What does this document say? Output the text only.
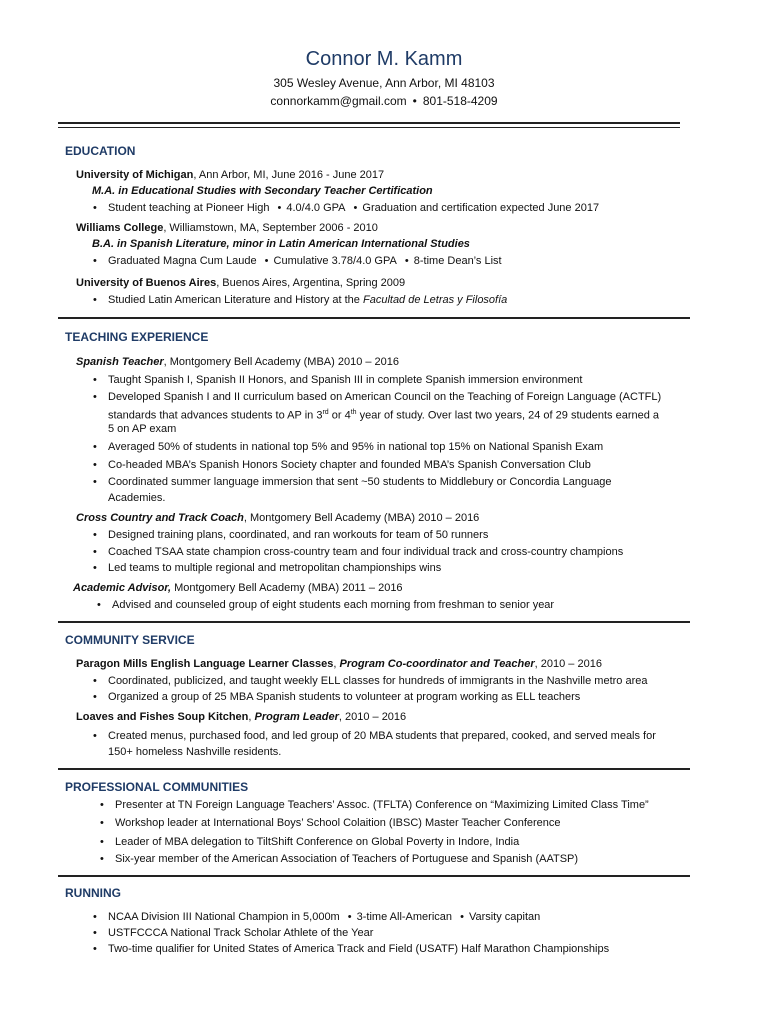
Connor M. Kamm
305 Wesley Avenue, Ann Arbor, MI 48103
connorkamm@gmail.com • 801-518-4209
EDUCATION
University of Michigan, Ann Arbor, MI, June 2016 - June 2017
M.A. in Educational Studies with Secondary Teacher Certification
• Student teaching at Pioneer High • 4.0/4.0 GPA • Graduation and certification expected June 2017
Williams College, Williamstown, MA, September 2006 - 2010
B.A. in Spanish Literature, minor in Latin American International Studies
• Graduated Magna Cum Laude • Cumulative 3.78/4.0 GPA • 8-time Dean’s List
University of Buenos Aires, Buenos Aires, Argentina, Spring 2009
• Studied Latin American Literature and History at the Facultad de Letras y Filosofía
TEACHING EXPERIENCE
Spanish Teacher, Montgomery Bell Academy (MBA) 2010 – 2016
• Taught Spanish I, Spanish II Honors, and Spanish III in complete Spanish immersion environment
• Developed Spanish I and II curriculum based on American Council on the Teaching of Foreign Language (ACTFL)
standards that advances students to AP in 3rd or 4th year of study. Over last two years, 24 of 29 students earned a
5 on AP exam
• Averaged 50% of students in national top 5% and 95% in national top 15% on National Spanish Exam
• Co-headed MBA’s Spanish Honors Society chapter and founded MBA’s Spanish Conversation Club
• Coordinated summer language immersion that sent ~50 students to Middlebury or Concordia Language
Academies.
Cross Country and Track Coach, Montgomery Bell Academy (MBA) 2010 – 2016
• Designed training plans, coordinated, and ran workouts for team of 50 runners
• Coached TSAA state champion cross-country team and four individual track and cross-country champions
• Led teams to multiple regional and metropolitan championships wins
Academic Advisor, Montgomery Bell Academy (MBA) 2011 – 2016
• Advised and counseled group of eight students each morning from freshman to senior year
COMMUNITY SERVICE
Paragon Mills English Language Learner Classes, Program Co-coordinator and Teacher, 2010 – 2016
• Coordinated, publicized, and taught weekly ELL classes for hundreds of immigrants in the Nashville metro area
• Organized a group of 25 MBA Spanish students to volunteer at program working as ELL teachers
Loaves and Fishes Soup Kitchen, Program Leader, 2010 – 2016
• Created menus, purchased food, and led group of 20 MBA students that prepared, cooked, and served meals for
150+ homeless Nashville residents.
PROFESSIONAL COMMUNITIES
• Presenter at TN Foreign Language Teachers’ Assoc. (TFLTA) Conference on “Maximizing Limited Class Time”
• Workshop leader at International Boys’ School Colaition (IBSC) Master Teacher Conference
• Leader of MBA delegation to TiltShift Conference on Global Poverty in Indore, India
• Six-year member of the American Association of Teachers of Portuguese and Spanish (AATSP)
RUNNING
• NCAA Division III National Champion in 5,000m • 3-time All-American • Varsity capitan
• USTFCCCA National Track Scholar Athlete of the Year
• Two-time qualifier for United States of America Track and Field (USATF) Half Marathon Championships
